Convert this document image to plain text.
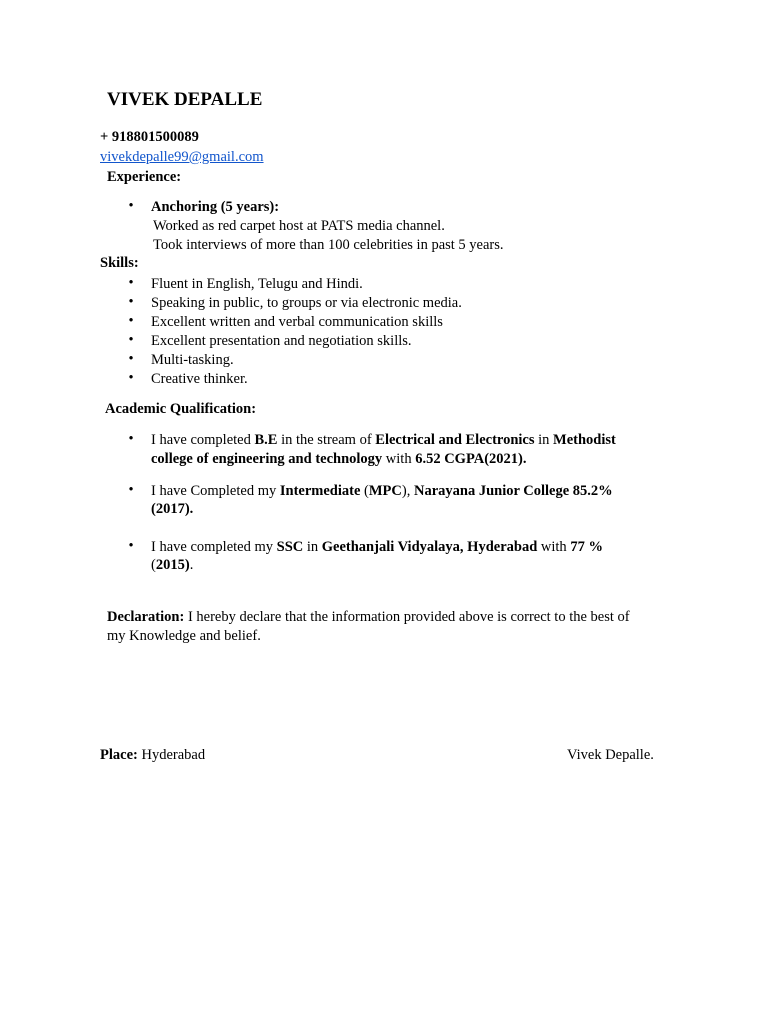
VIVEK DEPALLE
+ 918801500089
vivekdepalle99@gmail.com
Experience:
•
Anchoring (5 years):
Worked as red carpet host at PATS media channel.
Took interviews of more than 100 celebrities in past 5 years.
Skills:
•
Fluent in English, Telugu and Hindi.
•
Speaking in public, to groups or via electronic media.
•
Excellent written and verbal communication skills
•
Excellent presentation and negotiation skills.
•
Multi-tasking.
•
Creative thinker.
Academic Qualification:
•
I have completed B.E in the stream of Electrical and Electronics in Methodist
college of engineering and technology with 6.52 CGPA(2021).
•
I have Completed my Intermediate (MPC), Narayana Junior College 85.2%
(2017).
•
I have completed my SSC in Geethanjali Vidyalaya, Hyderabad with 77 %
(2015).
Declaration: I hereby declare that the information provided above is correct to the best of
my Knowledge and belief.
Place: Hyderabad	Vivek Depalle.
